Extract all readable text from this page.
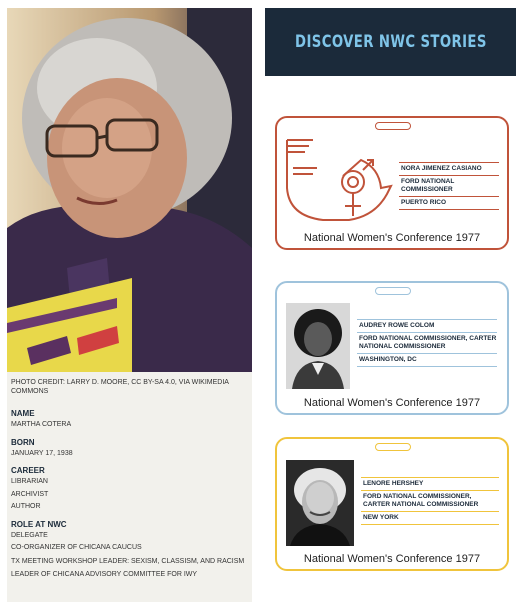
PHOTO CREDIT: LARRY D. MOORE, CC BY-SA 4.0, VIA WIKIMEDIA COMMONS

NAME

MARTHA COTERA

BORN

JANUARY 17, 1938

CAREER

LIBRARIAN

ARCHIVIST

AUTHOR

ROLE AT NWC

DELEGATE

CO-ORGANIZER OF CHICANA CAUCUS

TX MEETING WORKSHOP LEADER: SEXISM, CLASSISM, AND RACISM

LEADER OF CHICANA ADVISORY COMMITTEE FOR IWY

DISCOVER NWC STORIES
NORA JIMENEZ CASIANO
FORD NATIONAL COMMISSIONER
PUERTO RICO
National Women's Conference 1977
AUDREY ROWE COLOM
FORD NATIONAL COMMISSIONER, CARTER NATIONAL COMMISSIONER
WASHINGTON, DC
National Women's Conference 1977
LENORE HERSHEY
FORD NATIONAL COMMISSIONER, CARTER NATIONAL COMMISSIONER
NEW YORK
National Women's Conference 1977
